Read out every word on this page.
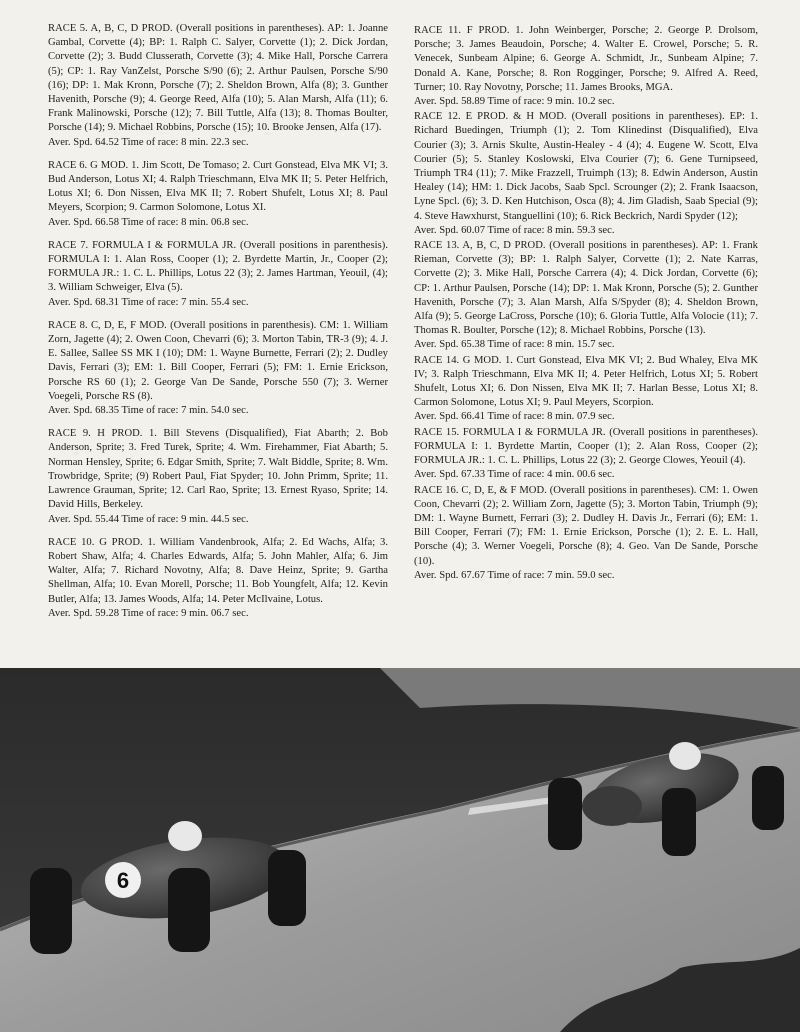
RACE 5. A, B, C, D PROD. (Overall positions in parentheses). AP: 1. Joanne Gambal, Corvette (4); BP: 1. Ralph C. Salyer, Corvette (1); 2. Dick Jordan, Corvette (2); 3. Budd Clusserath, Corvette (3); 4. Mike Hall, Porsche Carrera (5); CP: 1. Ray VanZelst, Porsche S/90 (6); 2. Arthur Paulsen, Porsche S/90 (16); DP: 1. Mak Kronn, Porsche (7); 2. Sheldon Brown, Alfa (8); 3. Gunther Havenith, Porsche (9); 4. George Reed, Alfa (10); 5. Alan Marsh, Alfa (11); 6. Frank Malinowski, Porsche (12); 7. Bill Tuttle, Alfa (13); 8. Thomas Boulter, Porsche (14); 9. Michael Robbins, Porsche (15); 10. Brooke Jensen, Alfa (17).
Aver. Spd. 64.52 Time of race: 8 min. 22.3 sec.
RACE 6. G MOD. 1. Jim Scott, De Tomaso; 2. Curt Gonstead, Elva MK VI; 3. Bud Anderson, Lotus XI; 4. Ralph Trieschmann, Elva MK II; 5. Peter Helfrich, Lotus XI; 6. Don Nissen, Elva MK II; 7. Robert Shufelt, Lotus XI; 8. Paul Meyers, Scorpion; 9. Carmon Solomone, Lotus XI.
Aver. Spd. 66.58 Time of race: 8 min. 06.8 sec.
RACE 7. FORMULA I & FORMULA JR. (Overall positions in parenthesis). FORMULA I: 1. Alan Ross, Cooper (1); 2. Byrdette Martin, Jr., Cooper (2); FORMULA JR.: 1. C. L. Phillips, Lotus 22 (3); 2. James Hartman, Yeouil, (4); 3. William Schweiger, Elva (5).
Aver. Spd. 68.31 Time of race: 7 min. 55.4 sec.
RACE 8. C, D, E, F MOD. (Overall positions in parenthesis). CM: 1. William Zorn, Jagette (4); 2. Owen Coon, Chevarri (6); 3. Morton Tabin, TR-3 (9); 4. J. E. Sallee, Sallee SS MK I (10); DM: 1. Wayne Burnette, Ferrari (2); 2. Dudley Davis, Ferrari (3); EM: 1. Bill Cooper, Ferrari (5); FM: 1. Ernie Erickson, Porsche RS 60 (1); 2. George Van De Sande, Porsche 550 (7); 3. Werner Voegeli, Porsche RS (8).
Aver. Spd. 68.35 Time of race: 7 min. 54.0 sec.
RACE 9. H PROD. 1. Bill Stevens (Disqualified), Fiat Abarth; 2. Bob Anderson, Sprite; 3. Fred Turek, Sprite; 4. Wm. Firehammer, Fiat Abarth; 5. Norman Hensley, Sprite; 6. Edgar Smith, Sprite; 7. Walt Biddle, Sprite; 8. Wm. Trowbridge, Sprite; (9) Robert Paul, Fiat Spyder; 10. John Primm, Sprite; 11. Lawrence Grauman, Sprite; 12. Carl Rao, Sprite; 13. Ernest Ryaso, Sprite; 14. David Hills, Berkeley.
Aver. Spd. 55.44 Time of race: 9 min. 44.5 sec.
RACE 10. G PROD. 1. William Vandenbrook, Alfa; 2. Ed Wachs, Alfa; 3. Robert Shaw, Alfa; 4. Charles Edwards, Alfa; 5. John Mahler, Alfa; 6. Jim Walter, Alfa; 7. Richard Novotny, Alfa; 8. Dave Heinz, Sprite; 9. Gartha Shellman, Alfa; 10. Evan Morell, Porsche; 11. Bob Youngfelt, Alfa; 12. Kevin Butler, Alfa; 13. James Woods, Alfa; 14. Peter McIlvaine, Lotus.
Aver. Spd. 59.28 Time of race: 9 min. 06.7 sec.
RACE 11. F PROD. 1. John Weinberger, Porsche; 2. George P. Drolsom, Porsche; 3. James Beaudoin, Porsche; 4. Walter E. Crowel, Porsche; 5. R. Venecek, Sunbeam Alpine; 6. George A. Schmidt, Jr., Sunbeam Alpine; 7. Donald A. Kane, Porsche; 8. Ron Rogginger, Porsche; 9. Alfred A. Reed, Turner; 10. Ray Novotny, Porsche; 11. James Brooks, MGA.
Aver. Spd. 58.89 Time of race: 9 min. 10.2 sec.
RACE 12. E PROD. & H MOD. (Overall positions in parentheses). EP: 1. Richard Buedingen, Triumph (1); 2. Tom Klinedinst (Disqualified), Elva Courier (3); 3. Arnis Skulte, Austin-Healey - 4 (4); 4. Eugene W. Scott, Elva Courier (5); 5. Stanley Koslowski, Elva Courier (7); 6. Gene Turnipseed, Triumph TR4 (11); 7. Mike Frazzell, Truimph (13); 8. Edwin Anderson, Austin Healey (14); HM: 1. Dick Jacobs, Saab Spcl. Scrounger (2); 2. Frank Isaacson, Lyne Spcl. (6); 3. D. Ken Hutchison, Osca (8); 4. Jim Gladish, Saab Special (9); 4. Steve Hawxhurst, Stanguellini (10); 6. Rick Beckrich, Nardi Spyder (12);
Aver. Spd. 60.07 Time of race: 8 min. 59.3 sec.
RACE 13. A, B, C, D PROD. (Overall positions in parentheses). AP: 1. Frank Rieman, Corvette (3); BP: 1. Ralph Salyer, Corvette (1); 2. Nate Karras, Corvette (2); 3. Mike Hall, Porsche Carrera (4); 4. Dick Jordan, Corvette (6); CP: 1. Arthur Paulsen, Porsche (14); DP: 1. Mak Kronn, Porsche (5); 2. Gunther Havenith, Porsche (7); 3. Alan Marsh, Alfa S/Spyder (8); 4. Sheldon Brown, Alfa (9); 5. George LaCross, Porsche (10); 6. Gloria Tuttle, Alfa Volocie (11); 7. Thomas R. Boulter, Porsche (12); 8. Michael Robbins, Porsche (13).
Aver. Spd. 65.38 Time of race: 8 min. 15.7 sec.
RACE 14. G MOD. 1. Curt Gonstead, Elva MK VI; 2. Bud Whaley, Elva MK IV; 3. Ralph Trieschmann, Elva MK II; 4. Peter Helfrich, Lotus XI; 5. Robert Shufelt, Lotus XI; 6. Don Nissen, Elva MK II; 7. Harlan Besse, Lotus XI; 8. Carmon Solomone, Lotus XI; 9. Paul Meyers, Scorpion.
Aver. Spd. 66.41 Time of race: 8 min. 07.9 sec.
RACE 15. FORMULA I & FORMULA JR. (Overall positions in parentheses). FORMULA I: 1. Byrdette Martin, Cooper (1); 2. Alan Ross, Cooper (2); FORMULA JR.: 1. C. L. Phillips, Lotus 22 (3); 2. George Clowes, Yeouil (4).
Aver. Spd. 67.33 Time of race: 4 min. 00.6 sec.
RACE 16. C, D, E, & F MOD. (Overall positions in parentheses). CM: 1. Owen Coon, Chevarri (2); 2. William Zorn, Jagette (5); 3. Morton Tabin, Triumph (9); DM: 1. Wayne Burnett, Ferrari (3); 2. Dudley H. Davis Jr., Ferrari (6); EM: 1. Bill Cooper, Ferrari (7); FM: 1. Ernie Erickson, Porsche (1); 2. E. L. Hall, Porsche (4); 3. Werner Voegeli, Porsche (8); 4. Geo. Van De Sande, Porsche (10).
Aver. Spd. 67.67 Time of race: 7 min. 59.0 sec.
6
